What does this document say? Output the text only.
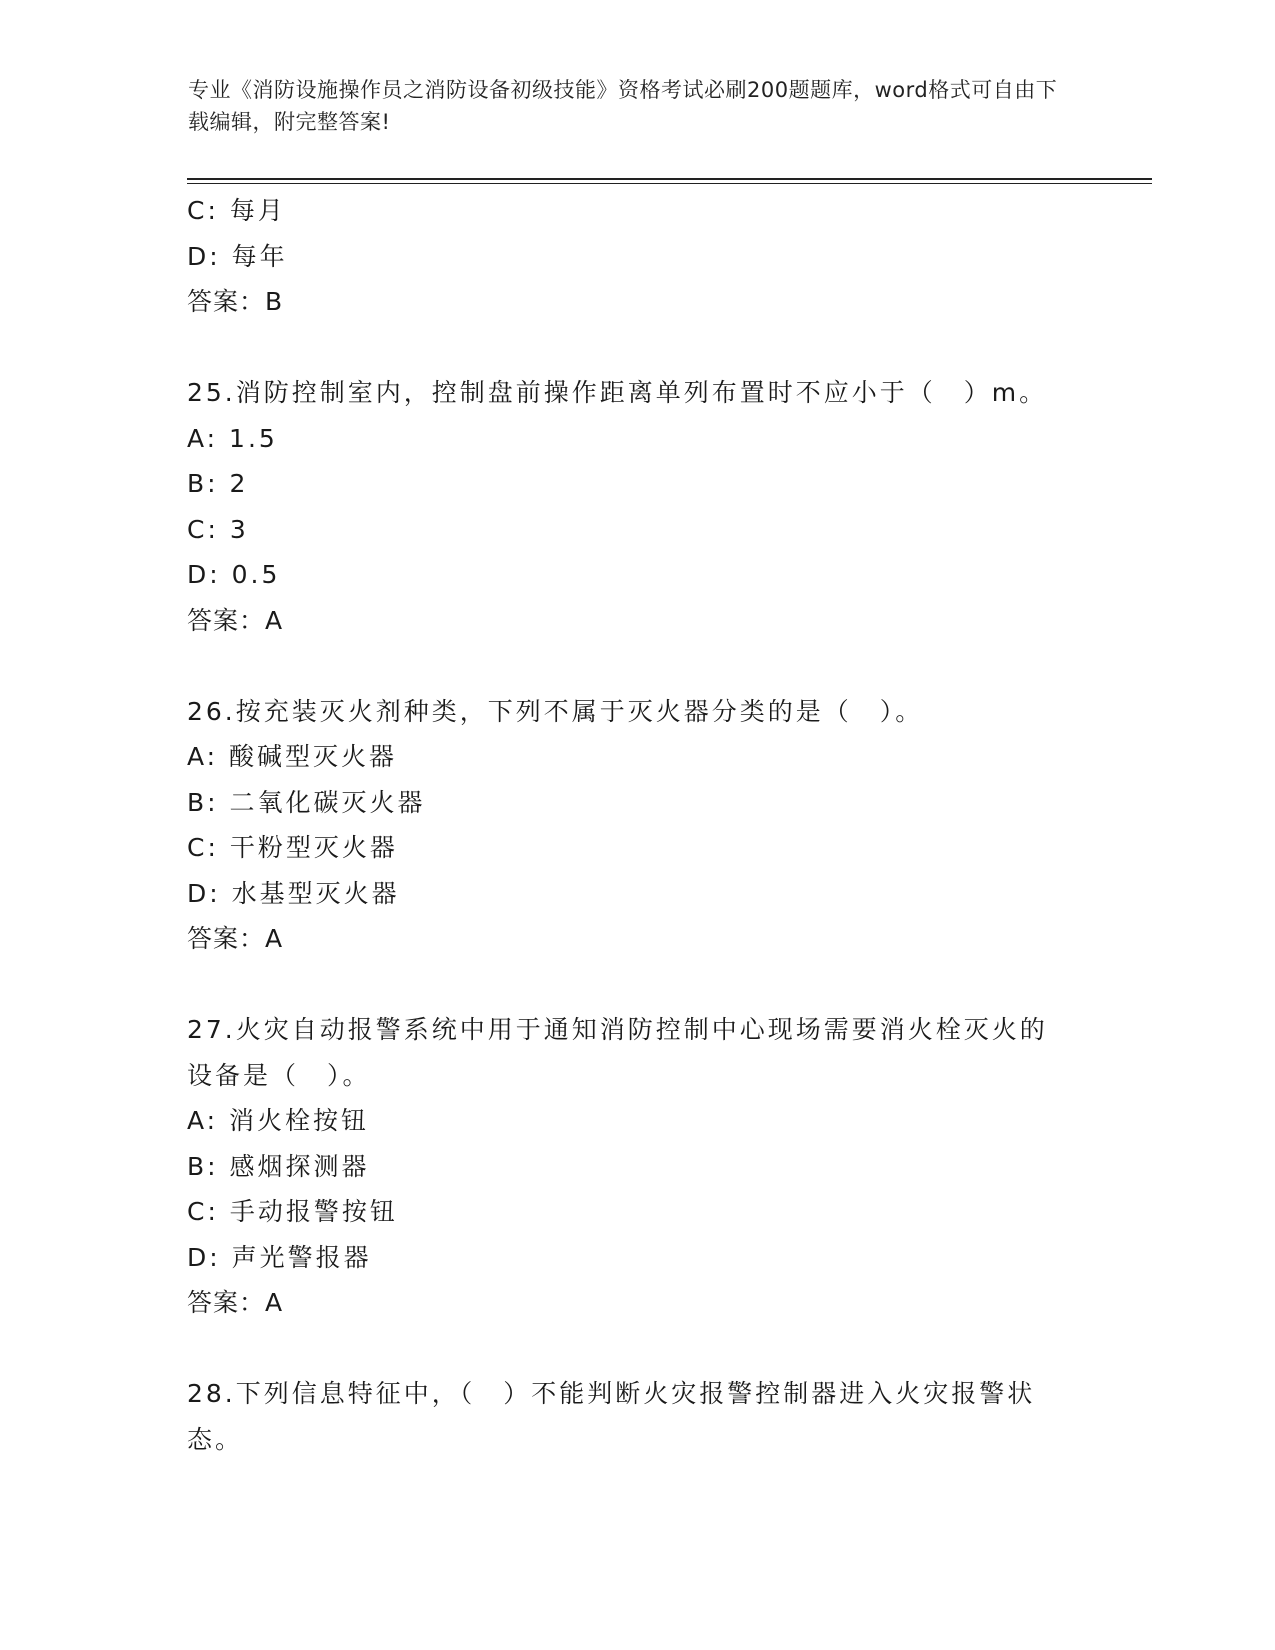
专业《消防设施操作员之消防设备初级技能》资格考试必刷200题题库，word格式可自由下载编辑，附完整答案!
C: 每月
D: 每年
答案：B
25.消防控制室内，控制盘前操作距离单列布置时不应小于（　）m。
A: 1.5
B: 2
C: 3
D: 0.5
答案：A
26.按充装灭火剂种类，下列不属于灭火器分类的是（　）。
A: 酸碱型灭火器
B: 二氧化碳灭火器
C: 干粉型灭火器
D: 水基型灭火器
答案：A
27.火灾自动报警系统中用于通知消防控制中心现场需要消火栓灭火的
设备是（　）。
A: 消火栓按钮
B: 感烟探测器
C: 手动报警按钮
D: 声光警报器
答案：A
28.下列信息特征中，（　）不能判断火灾报警控制器进入火灾报警状
态。
